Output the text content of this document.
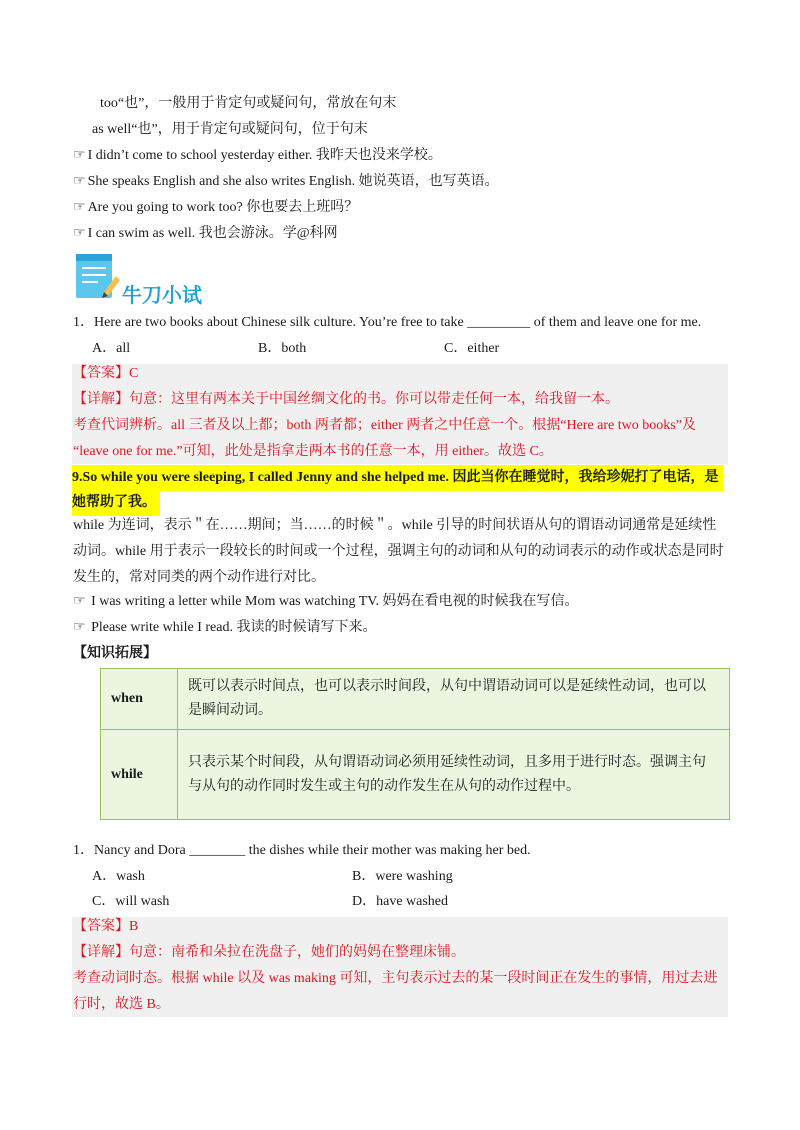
too“也”，一般用于肯定句或疑问句，常放在句末
as well“也”，用于肯定句或疑问句，位于句末
☞ I didn’t come to school yesterday either. 我昨天也没来学校。
☞ She speaks English and she also writes English. 她说英语，也写英语。
☞ Are you going to work too? 你也要去上班吗？
☞ I can swim as well. 我也会游泳。学@科网
牛刀小试
1．Here are two books about Chinese silk culture. You’re free to take _________ of them and leave one for me.
A．all	B．both	C．either
【答案】C
【详解】句意：这里有两本关于中国丝绸文化的书。你可以带走任何一本，给我留一本。
考查代词辨析。all 三者及以上都；both 两者都；either 两者之中任意一个。根据“Here are two books”及
“leave one for me.”可知，此处是指拿走两本书的任意一本，用 either。故选 C。
9.So while you were sleeping, I called Jenny and she helped me. 因此当你在睡觉时，我给珍妮打了电话，是
她帮助了我。
while 为连词，表示＂在……期间；当……的时候＂。while 引导的时间状语从句的谓语动词通常是延续性
动词。while 用于表示一段较长的时间或一个过程，强调主句的动词和从句的动词表示的动作或状态是同时
发生的，常对同类的两个动作进行对比。
☞ I was writing a letter while Mom was watching TV. 妈妈在看电视的时候我在写信。
☞ Please write while I read. 我读的时候请写下来。
【知识拓展】
when	既可以表示时间点，也可以表示时间段，从句中谓语动词可以是延续性动词，也可以是瞬间动词。
while	只表示某个时间段，从句谓语动词必须用延续性动词，且多用于进行时态。强调主句与从句的动作同时发生或主句的动作发生在从句的动作过程中。
1．Nancy and Dora ________ the dishes while their mother was making her bed.
A．wash	B．were washing
C．will wash	D．have washed
【答案】B
【详解】句意：南希和朵拉在洗盘子，她们的妈妈在整理床铺。
考查动词时态。根据 while 以及 was making 可知，主句表示过去的某一段时间正在发生的事情，用过去进
行时，故选 B。
